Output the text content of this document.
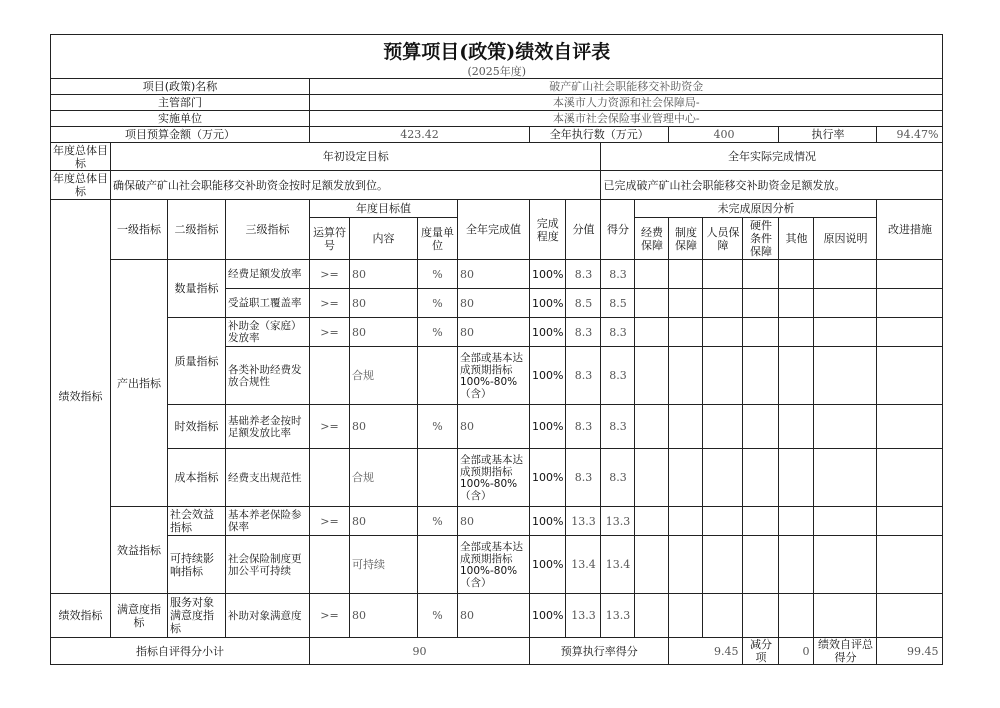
预算项目(政策)绩效自评表																	
(2025年度)																	
项目(政策)名称				破产矿山社会职能移交补助资金													
主管部门				本溪市人力资源和社会保障局-													
实施单位				本溪市社会保险事业管理中心-													
项目预算金额（万元）				423.42				全年执行数（万元）				400			执行率		94.47%
年度总体目标	年初设定目标									全年实际完成情况							
年度总体目标	确保破产矿山社会职能移交补助资金按时足额发放到位。									已完成破产矿山社会职能移交补助资金足额发放。							
绩效指标	一级指标	二级指标	三级指标	年度目标值			全年完成值	完成程度	分值	得分	未完成原因分析						改进措施
				运算符号	内容	度量单位					经费保障	制度保障	人员保障	硬件条件保障	其他	原因说明	
	产出指标	数量指标	经费足额发放率	>=	80	%	80	100%	8.3	8.3							
			受益职工覆盖率	>=	80	%	80	100%	8.5	8.5							
		质量指标	补助金（家庭）发放率	>=	80	%	80	100%	8.3	8.3							
			各类补助经费发放合规性		合规		全部或基本达成预期指标100%-80%（含）	100%	8.3	8.3							
		时效指标	基础养老金按时足额发放比率	>=	80	%	80	100%	8.3	8.3							
		成本指标	经费支出规范性		合规		全部或基本达成预期指标100%-80%（含）	100%	8.3	8.3							
	效益指标	社会效益指标	基本养老保险参保率	>=	80	%	80	100%	13.3	13.3							
		可持续影响指标	社会保险制度更加公平可持续		可持续		全部或基本达成预期指标100%-80%（含）	100%	13.4	13.4							
绩效指标	满意度指标	服务对象满意度指标	补助对象满意度	>=	80	%	80	100%	13.3	13.3							
指标自评得分小计				90				预算执行率得分				9.45		减分项	0	绩效自评总得分	99.45
